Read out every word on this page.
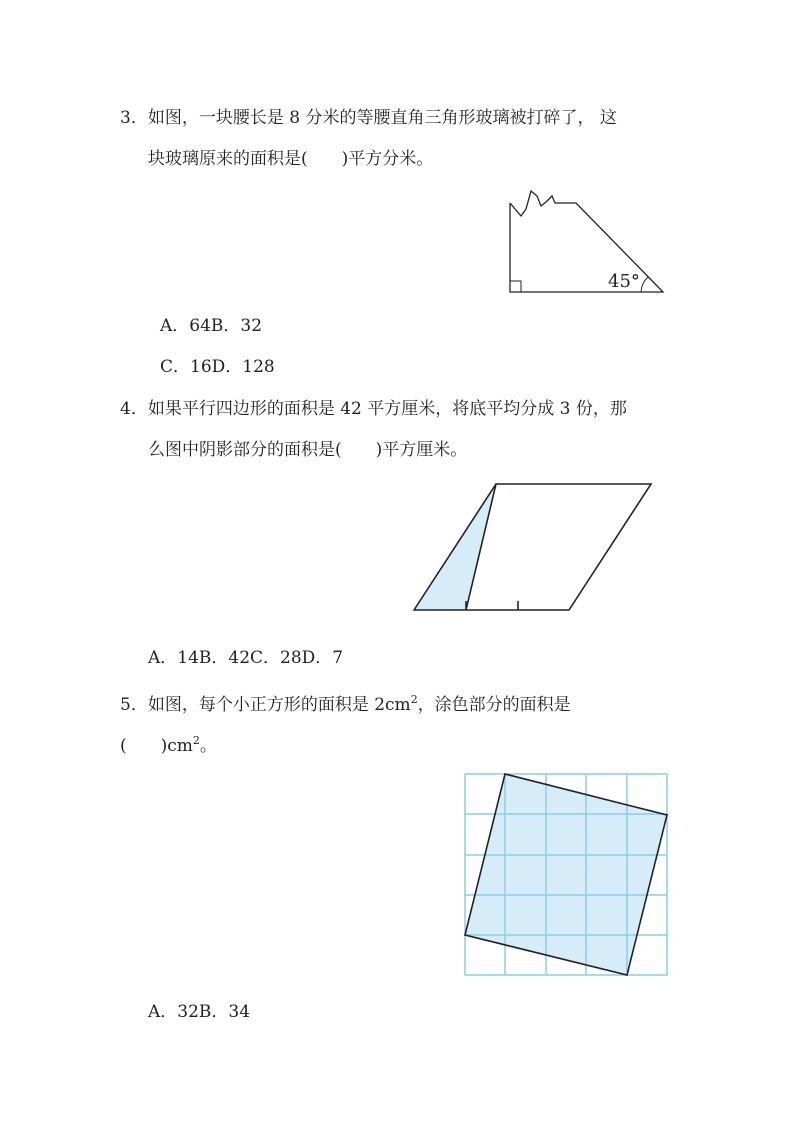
3．如图，一块腰长是 8 分米的等腰直角三角形玻璃被打碎了， 这
块玻璃原来的面积是(　　)平方分米。
45°
A．64B．32
C．16D．128
4．如果平行四边形的面积是 42 平方厘米，将底平均分成 3 份，那
么图中阴影部分的面积是(　　)平方厘米。
A．14B．42C．28D．7
5．如图，每个小正方形的面积是 $2cm^2$，涂色部分的面积是
(　　)$cm^2$。
A．32B．34
